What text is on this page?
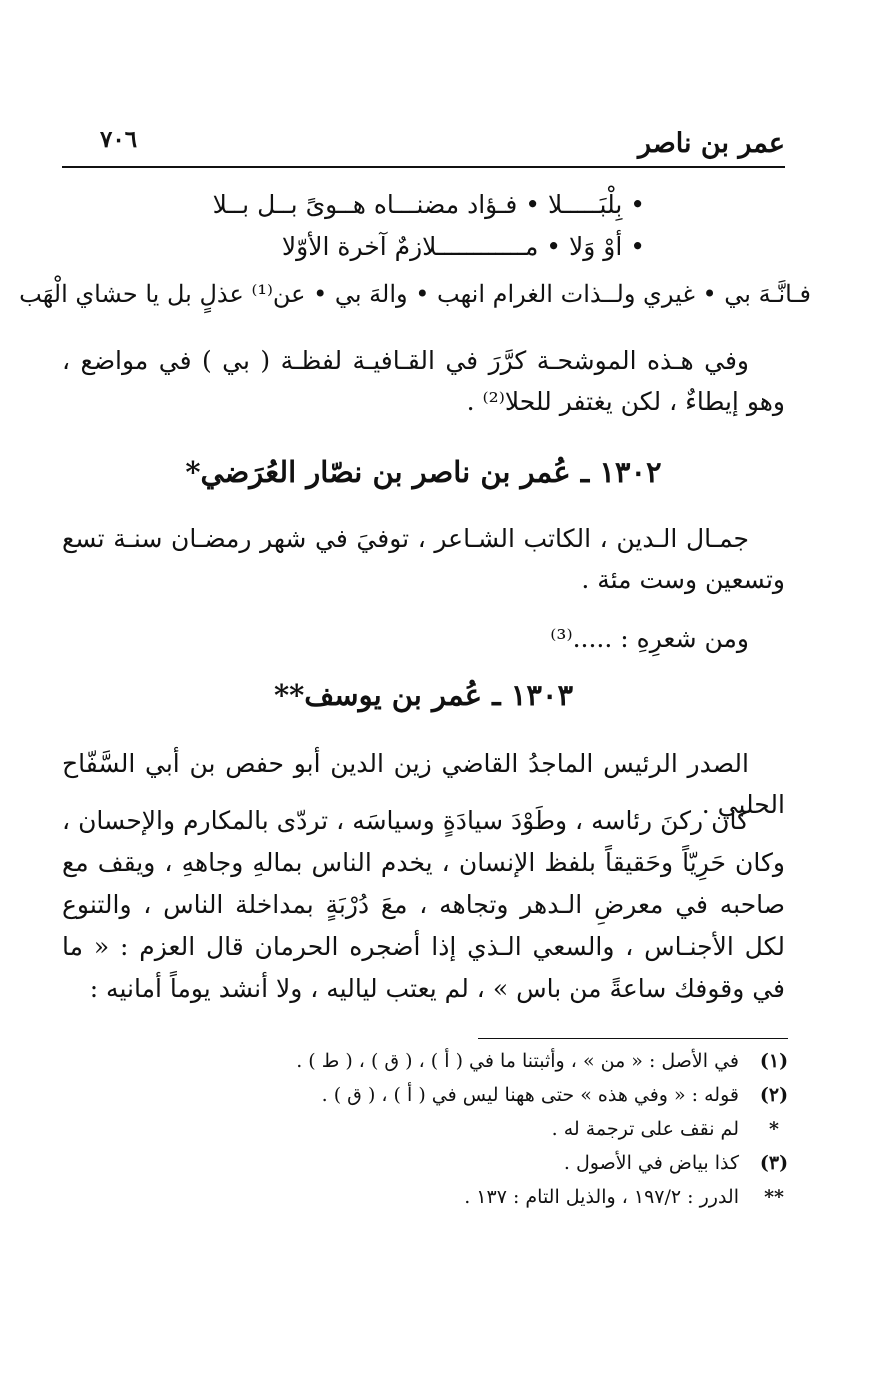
عمر بن ناصر
٧٠٦
• بِلْبَـــــلا • فـؤاد مضنـــاه هــوىً بــل بــلا
• أوْ وَلا • مــــــــــــلازمٌ آخرة الأوّلا
فـانَّـهَ بي • غيري ولــذات الغرام انهب • والهَ بي • عن⁽¹⁾ عذلٍ بل يا حشاي الْهَب
وفي هـذه الموشحـة كرَّرَ في القـافيـة لفظـة ( بي ) في مواضع ، وهو إيطاءٌ ، لكن يغتفر للحلا⁽²⁾ .
١٣٠٢ ـ عُمر بن ناصر بن نصّار العُرَضي*
جمـال الـدين ، الكاتب الشـاعر ، توفيَ في شهر رمضـان سنـة تسع وتسعين وست مئة .
ومن شعرِهِ : .....⁽³⁾
١٣٠٣ ـ عُمر بن يوسف**
الصدر الرئيس الماجدُ القاضي زين الدين أبو حفص بن أبي السَّفّاح الحلبي .
كان ركنَ رئاسه ، وطَوْدَ سيادَةٍ وسياسَه ، تردّى بالمكارم والإحسان ، وكان حَرِيّاً وحَقيقاً بلفظ الإنسان ، يخدم الناس بمالهِ وجاههِ ، ويقف مع صاحبه في معرضِ الـدهر وتجاهه ، معَ دُرْبَةٍ بمداخلة الناس ، والتنوع لكل الأجنـاس ، والسعي الـذي إذا أضجره الحرمان قال العزم : « ما في وقوفك ساعةً من باس » ، لم يعتب لياليه ، ولا أنشد يوماً أمانيه :
(١)
في الأصل : « من » ، وأثبتنا ما في ( أ ) ، ( ق ) ، ( ط ) .
(٢)
قوله : « وفي هذه » حتى ههنا ليس في ( أ ) ، ( ق ) .
*
لم نقف على ترجمة له .
(٣)
كذا بياض في الأصول .
**
الدرر : ١٩٧/٢ ، والذيل التام : ١٣٧ .
